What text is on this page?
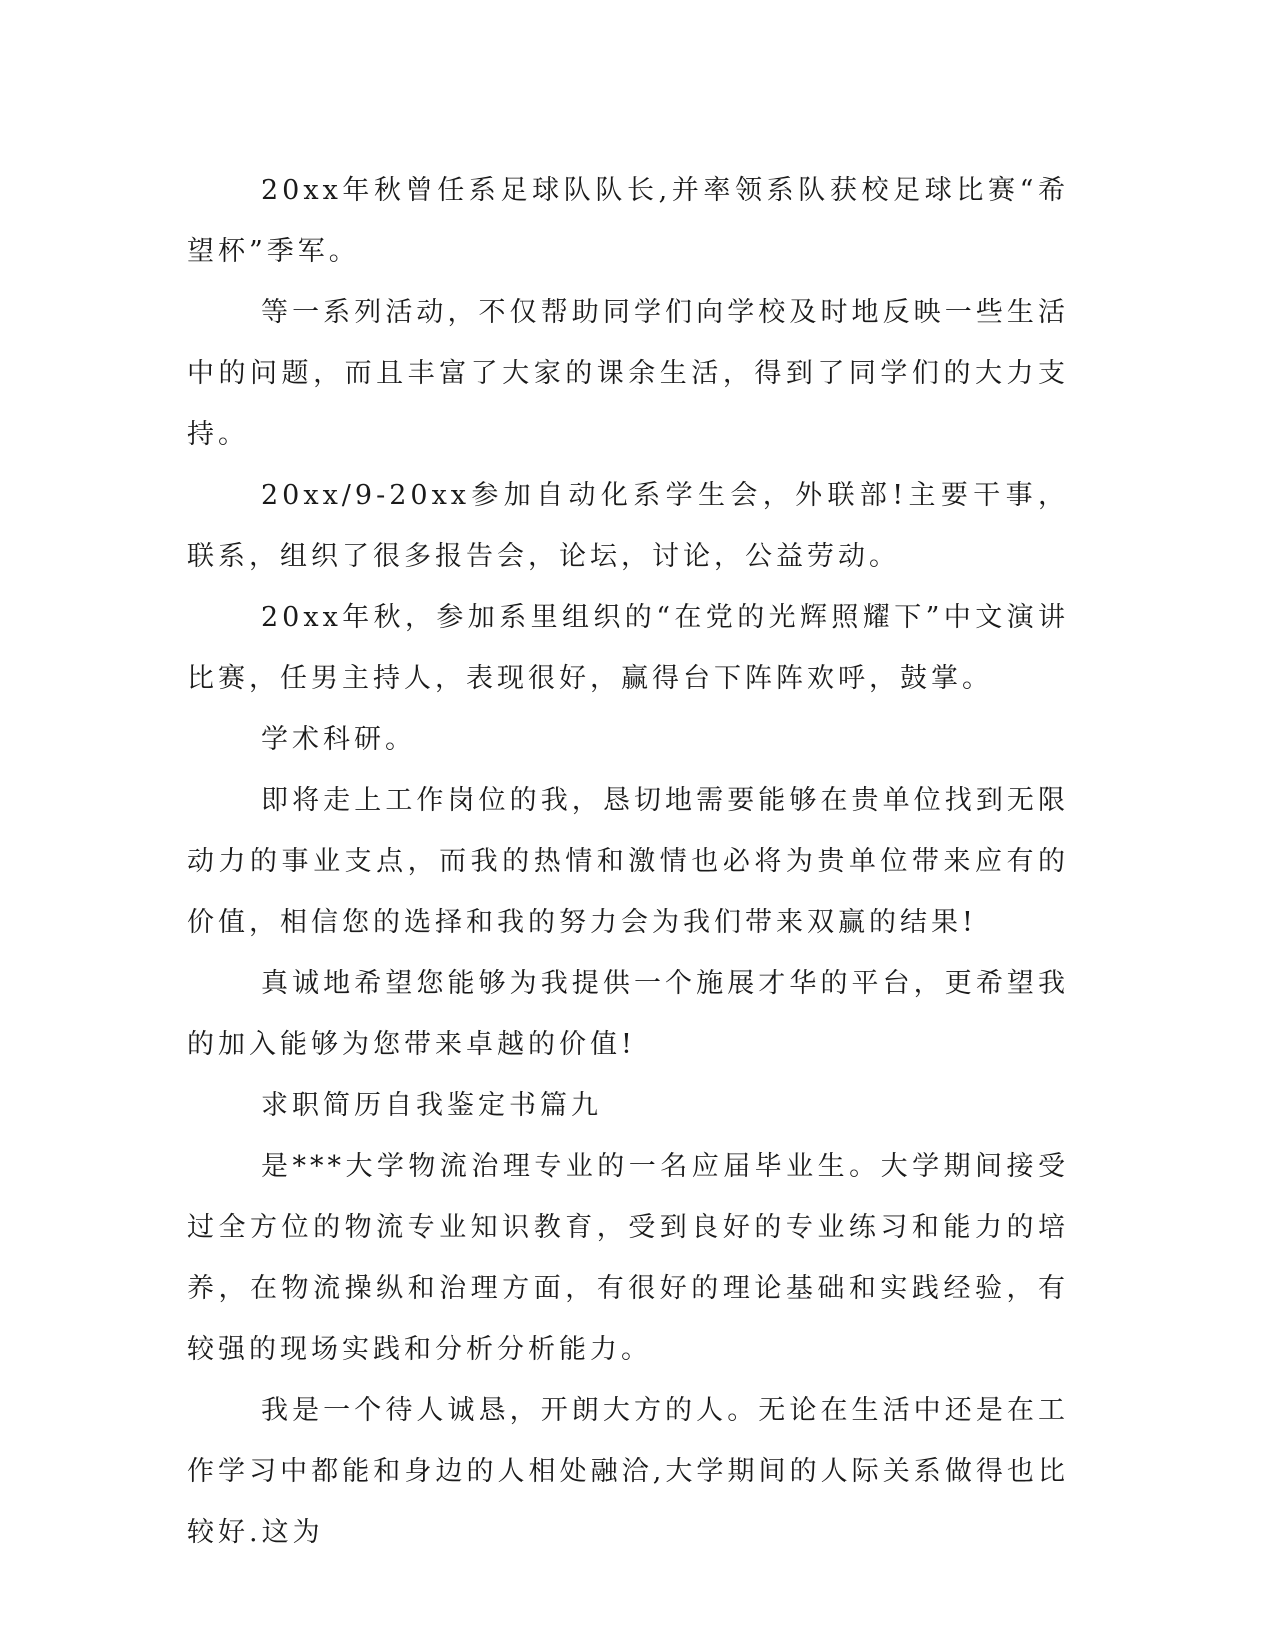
20xx年秋曾任系足球队队长,并率领系队获校足球比赛“希望杯”季军。

等一系列活动，不仅帮助同学们向学校及时地反映一些生活中的问题，而且丰富了大家的课余生活，得到了同学们的大力支持。

20xx/9-20xx参加自动化系学生会，外联部!主要干事，联系，组织了很多报告会，论坛，讨论，公益劳动。

20xx年秋，参加系里组织的“在党的光辉照耀下”中文演讲比赛，任男主持人，表现很好，赢得台下阵阵欢呼，鼓掌。

学术科研。

即将走上工作岗位的我，恳切地需要能够在贵单位找到无限动力的事业支点，而我的热情和激情也必将为贵单位带来应有的价值，相信您的选择和我的努力会为我们带来双赢的结果!

真诚地希望您能够为我提供一个施展才华的平台，更希望我的加入能够为您带来卓越的价值!

求职简历自我鉴定书篇九

是***大学物流治理专业的一名应届毕业生。大学期间接受过全方位的物流专业知识教育，受到良好的专业练习和能力的培养，在物流操纵和治理方面，有很好的理论基础和实践经验，有较强的现场实践和分析分析能力。

我是一个待人诚恳，开朗大方的人。无论在生活中还是在工作学习中都能和身边的人相处融洽,大学期间的人际关系做得也比较好.这为
